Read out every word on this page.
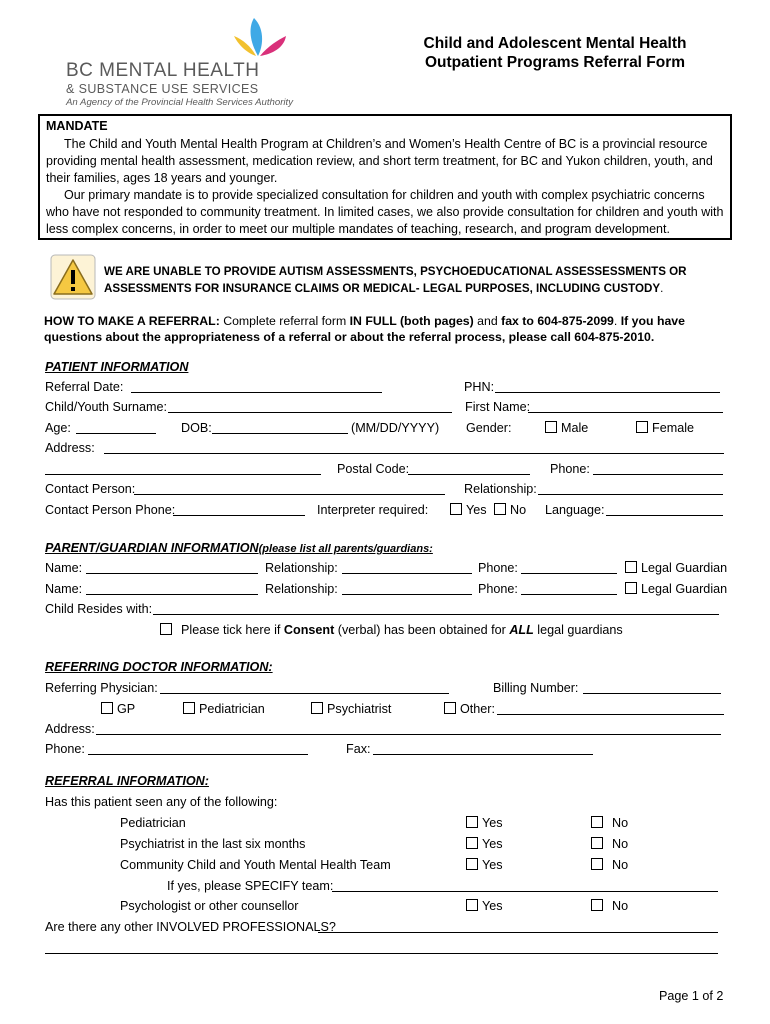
BC MENTAL HEALTH
& SUBSTANCE USE SERVICES
An Agency of the Provincial Health Services Authority
Child and Adolescent Mental Health
Outpatient Programs Referral Form
MANDATE
The Child and Youth Mental Health Program at Children’s and Women’s Health Centre of BC is a provincial resource providing mental health assessment, medication review, and short term treatment, for BC and Yukon children, youth, and their families, ages 18 years and younger.
Our primary mandate is to provide specialized consultation for children and youth with complex psychiatric concerns who have not responded to community treatment. In limited cases, we also provide consultation for children and youth with less complex concerns, in order to meet our multiple mandates of teaching, research, and program development.
WE ARE UNABLE TO PROVIDE AUTISM ASSESSMENTS, PSYCHOEDUCATIONAL ASSESSESSMENTS OR
ASSESSMENTS FOR INSURANCE CLAIMS OR MEDICAL- LEGAL PURPOSES, INCLUDING CUSTODY.
HOW TO MAKE A REFERRAL: Complete referral form IN FULL (both pages) and fax to 604-875-2099. If you have questions about the appropriateness of a referral or about the referral process, please call 604-875-2010.
PATIENT INFORMATION
Referral Date:	PHN:
Child/Youth Surname:	First Name:
Age:	DOB:	(MM/DD/YYYY) Gender:	Male	Female
Address:
Postal Code:	Phone:
Contact Person:	Relationship:
Contact Person Phone:	Interpreter required:	Yes	No Language:
PARENT/GUARDIAN INFORMATION(please list all parents/guardians:
Name:	Relationship:	Phone:	Legal Guardian
Name:	Relationship:	Phone:	Legal Guardian
Child Resides with:
Please tick here if Consent (verbal) has been obtained for ALL legal guardians
REFERRING DOCTOR INFORMATION:
Referring Physician:	Billing Number:
GP	Pediatrician	Psychiatrist	Other:
Address:
Phone:	Fax:
REFERRAL INFORMATION:
Has this patient seen any of the following:
Pediatrician	Yes	No
Psychiatrist in the last six months	Yes	No
Community Child and Youth Mental Health Team	Yes	No
If yes, please SPECIFY team:
Psychologist or other counsellor	Yes	No
Are there any other INVOLVED PROFESSIONALS?
Page 1 of 2
